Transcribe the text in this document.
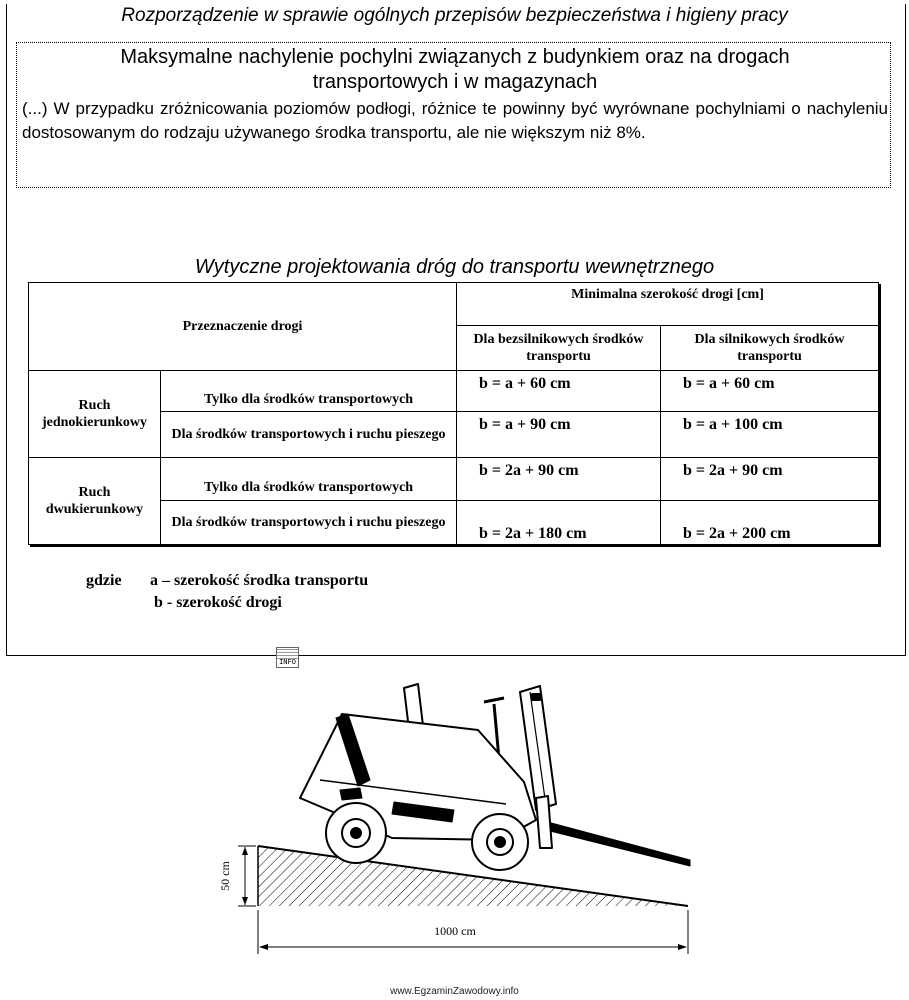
Rozporządzenie w sprawie ogólnych przepisów bezpieczeństwa i higieny pracy
Maksymalne nachylenie pochylni związanych z budynkiem oraz na drogach
transportowych i w magazynach
(...) W przypadku zróżnicowania poziomów podłogi, różnice te powinny być wyrównane pochylniami o nachyleniu dostosowanym do rodzaju używanego środka transportu, ale nie większym niż 8%.
Wytyczne projektowania dróg do transportu wewnętrznego
Przeznaczenie drogi		Minimalna szerokość drogi [cm]	
		Dla bezsilnikowych środków transportu	Dla silnikowych środków transportu
Ruch jednokierunkowy	Tylko dla środków transportowych	b = a + 60 cm	b = a + 60 cm
	Dla środków transportowych i ruchu pieszego	b = a + 90 cm	b = a + 100 cm
Ruch dwukierunkowy	Tylko dla środków transportowych	b = 2a + 90 cm	b = 2a + 90 cm
	Dla środków transportowych i ruchu pieszego	b = 2a + 180 cm	b = 2a + 200 cm
gdzie a – szerokość środka transportu
b - szerokość drogi
INFO
50 cm
1000 cm
www.EgzaminZawodowy.info
